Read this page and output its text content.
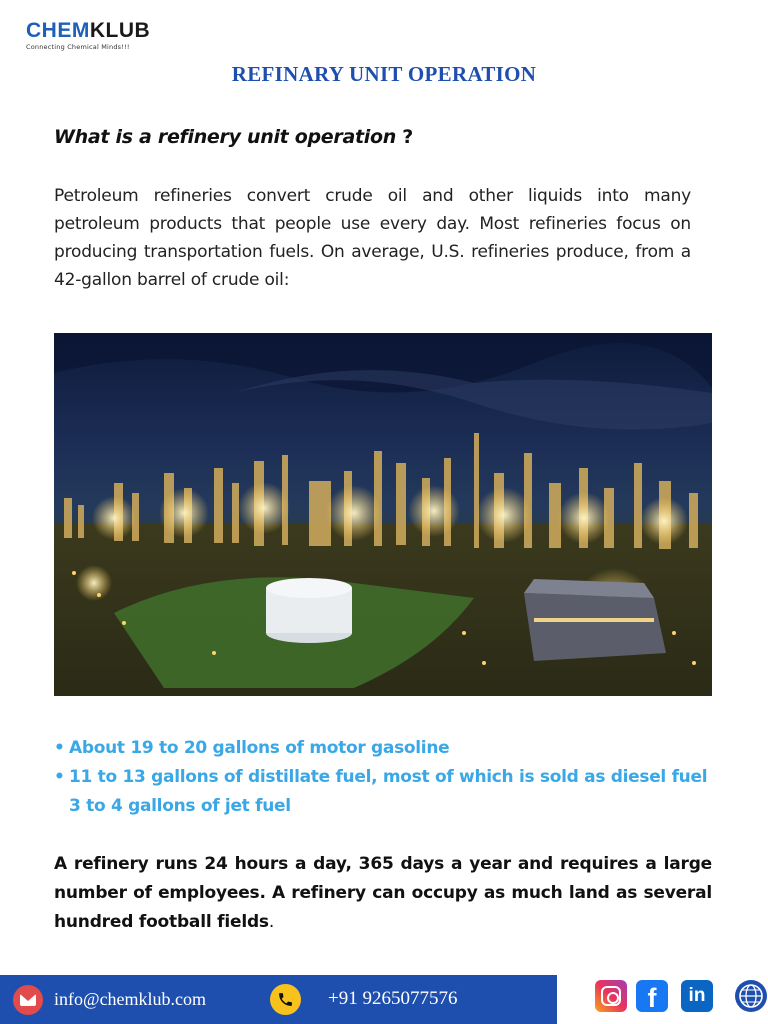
CHEMKLUB
Connecting Chemical Minds!!!
REFINARY UNIT OPERATION
What is a refinery unit operation ?

Petroleum refineries convert crude oil and other liquids into many petroleum products that people use every day. Most refineries focus on producing transportation fuels. On average, U.S. refineries produce, from a 42-gallon barrel of crude oil:

• About 19 to 20 gallons of motor gasoline
• 11 to 13 gallons of distillate fuel, most of which is sold as diesel fuel
3 to 4 gallons of jet fuel

A refinery runs 24 hours a day, 365 days a year and requires a large number of employees. A refinery can occupy as much land as several hundred football fields.

info@chemklub.com	+91 9265077576	f	in
